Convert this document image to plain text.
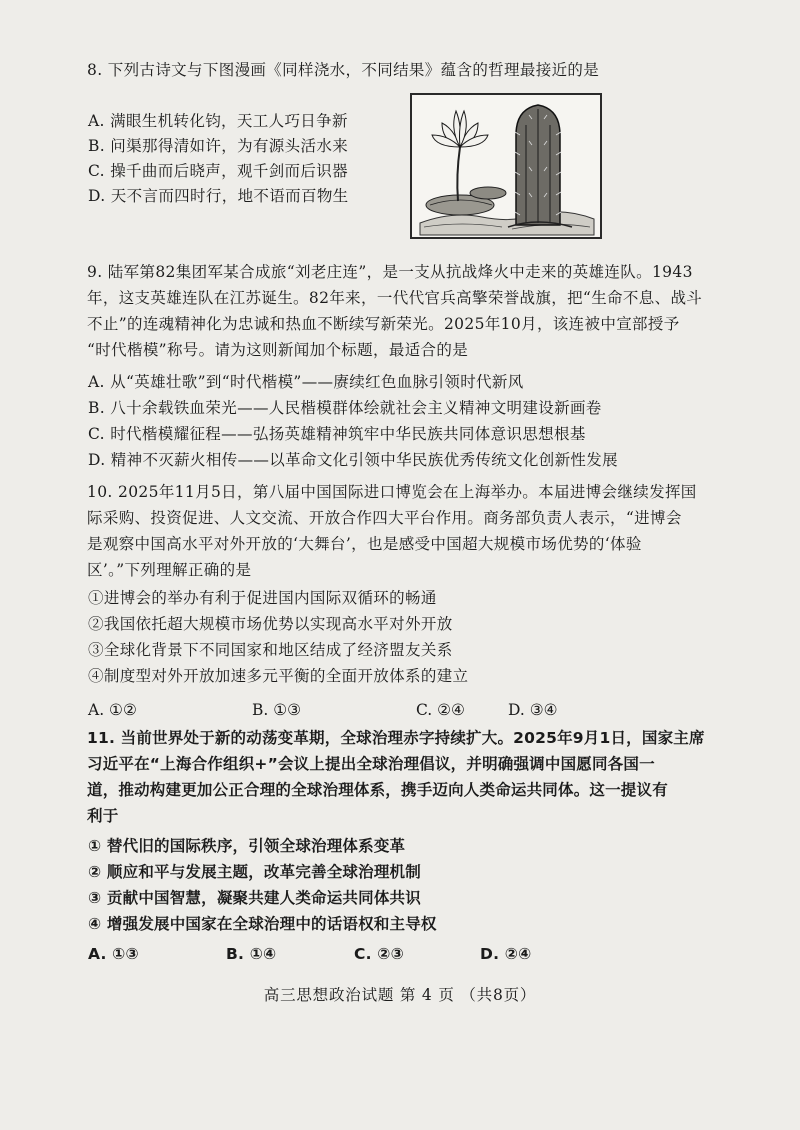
8. 下列古诗文与下图漫画《同样浇水，不同结果》蕴含的哲理最接近的是
A. 满眼生机转化钧，天工人巧日争新
B. 问渠那得清如许，为有源头活水来
C. 操千曲而后晓声，观千剑而后识器
D. 天不言而四时行，地不语而百物生
9. 陆军第82集团军某合成旅“刘老庄连”，是一支从抗战烽火中走来的英雄连队。1943
年，这支英雄连队在江苏诞生。82年来，一代代官兵高擎荣誉战旗，把“生命不息、战斗
不止”的连魂精神化为忠诚和热血不断续写新荣光。2025年10月，该连被中宣部授予
“时代楷模”称号。请为这则新闻加个标题，最适合的是
A. 从“英雄壮歌”到“时代楷模”——赓续红色血脉引领时代新风
B. 八十余载铁血荣光——人民楷模群体绘就社会主义精神文明建设新画卷
C. 时代楷模耀征程——弘扬英雄精神筑牢中华民族共同体意识思想根基
D. 精神不灭薪火相传——以革命文化引领中华民族优秀传统文化创新性发展
10. 2025年11月5日，第八届中国国际进口博览会在上海举办。本届进博会继续发挥国
际采购、投资促进、人文交流、开放合作四大平台作用。商务部负责人表示，“进博会
是观察中国高水平对外开放的‘大舞台’，也是感受中国超大规模市场优势的‘体验
区’。”下列理解正确的是
①进博会的举办有利于促进国内国际双循环的畅通
②我国依托超大规模市场优势以实现高水平对外开放
③全球化背景下不同国家和地区结成了经济盟友关系
④制度型对外开放加速多元平衡的全面开放体系的建立
A. ①②	B. ①③	C. ②④	D. ③④
11. 当前世界处于新的动荡变革期，全球治理赤字持续扩大。2025年9月1日，国家主席
习近平在“上海合作组织+”会议上提出全球治理倡议，并明确强调中国愿同各国一
道，推动构建更加公正合理的全球治理体系，携手迈向人类命运共同体。这一提议有
利于
① 替代旧的国际秩序，引领全球治理体系变革
② 顺应和平与发展主题，改革完善全球治理机制
③ 贡献中国智慧，凝聚共建人类命运共同体共识
④ 增强发展中国家在全球治理中的话语权和主导权
A. ①③	B. ①④	C. ②③	D. ②④
高三思想政治试题 第 4 页 （共8页）
